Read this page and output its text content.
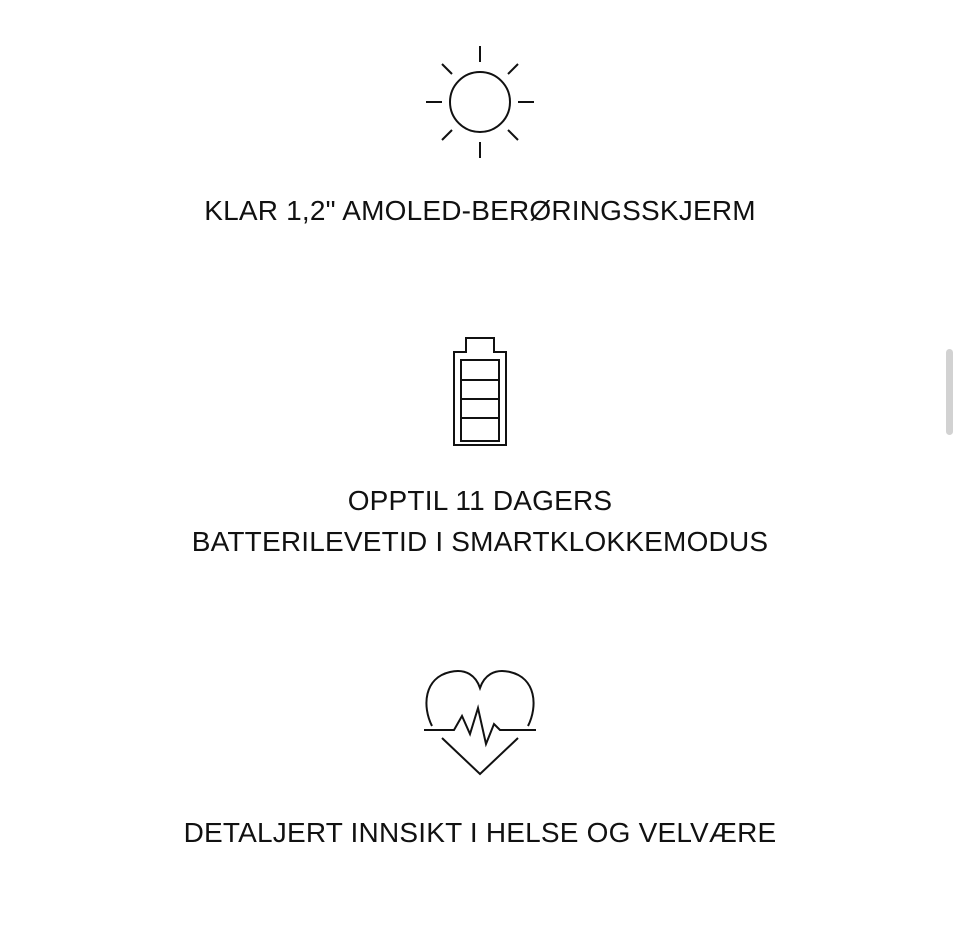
KLAR 1,2" AMOLED-BERØRINGSSKJERM
OPPTIL 11 DAGERS
BATTERILEVETID I SMARTKLOKKEMODUS
DETALJERT INNSIKT I HELSE OG VELVÆRE
